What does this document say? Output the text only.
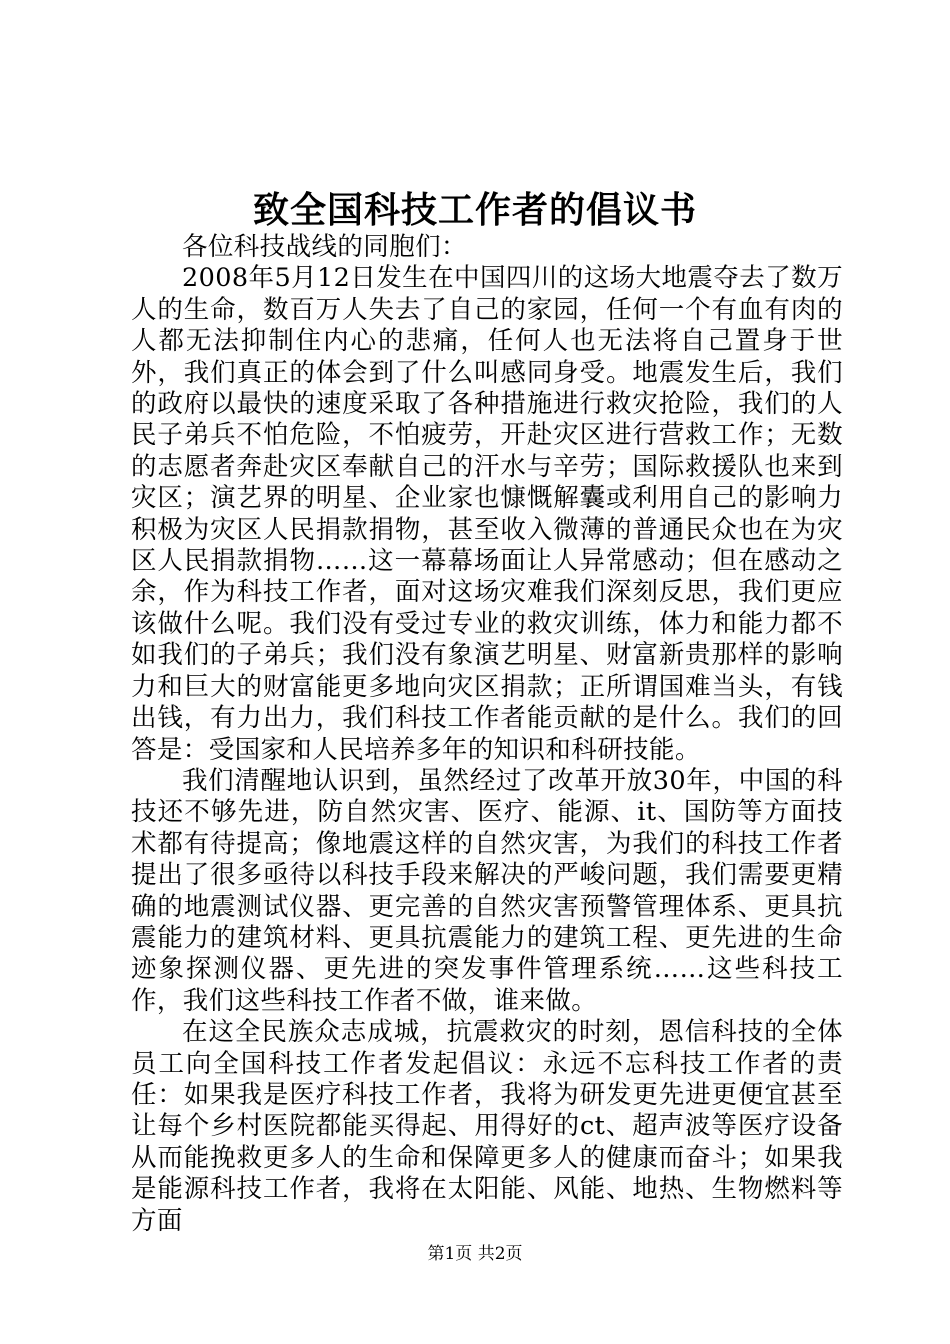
致全国科技工作者的倡议书

各位科技战线的同胞们：

2008年5月12日发生在中国四川的这场大地震夺去了数万人的生命，数百万人失去了自己的家园，任何一个有血有肉的人都无法抑制住内心的悲痛，任何人也无法将自己置身于世外，我们真正的体会到了什么叫感同身受。地震发生后，我们的政府以最快的速度采取了各种措施进行救灾抢险，我们的人民子弟兵不怕危险，不怕疲劳，开赴灾区进行营救工作；无数的志愿者奔赴灾区奉献自己的汗水与辛劳；国际救援队也来到灾区；演艺界的明星、企业家也慷慨解囊或利用自己的影响力积极为灾区人民捐款捐物，甚至收入微薄的普通民众也在为灾区人民捐款捐物……这一幕幕场面让人异常感动；但在感动之余，作为科技工作者，面对这场灾难我们深刻反思，我们更应该做什么呢。我们没有受过专业的救灾训练，体力和能力都不如我们的子弟兵；我们没有象演艺明星、财富新贵那样的影响力和巨大的财富能更多地向灾区捐款；正所谓国难当头，有钱出钱，有力出力，我们科技工作者能贡献的是什么。我们的回答是：受国家和人民培养多年的知识和科研技能。

我们清醒地认识到，虽然经过了改革开放30年，中国的科技还不够先进，防自然灾害、医疗、能源、it、国防等方面技术都有待提高；像地震这样的自然灾害，为我们的科技工作者提出了很多亟待以科技手段来解决的严峻问题，我们需要更精确的地震测试仪器、更完善的自然灾害预警管理体系、更具抗震能力的建筑材料、更具抗震能力的建筑工程、更先进的生命迹象探测仪器、更先进的突发事件管理系统……这些科技工作，我们这些科技工作者不做，谁来做。

在这全民族众志成城，抗震救灾的时刻，恩信科技的全体员工向全国科技工作者发起倡议：永远不忘科技工作者的责任：如果我是医疗科技工作者，我将为研发更先进更便宜甚至让每个乡村医院都能买得起、用得好的ct、超声波等医疗设备从而能挽救更多人的生命和保障更多人的健康而奋斗；如果我是能源科技工作者，我将在太阳能、风能、地热、生物燃料等方面

第1页 共2页
